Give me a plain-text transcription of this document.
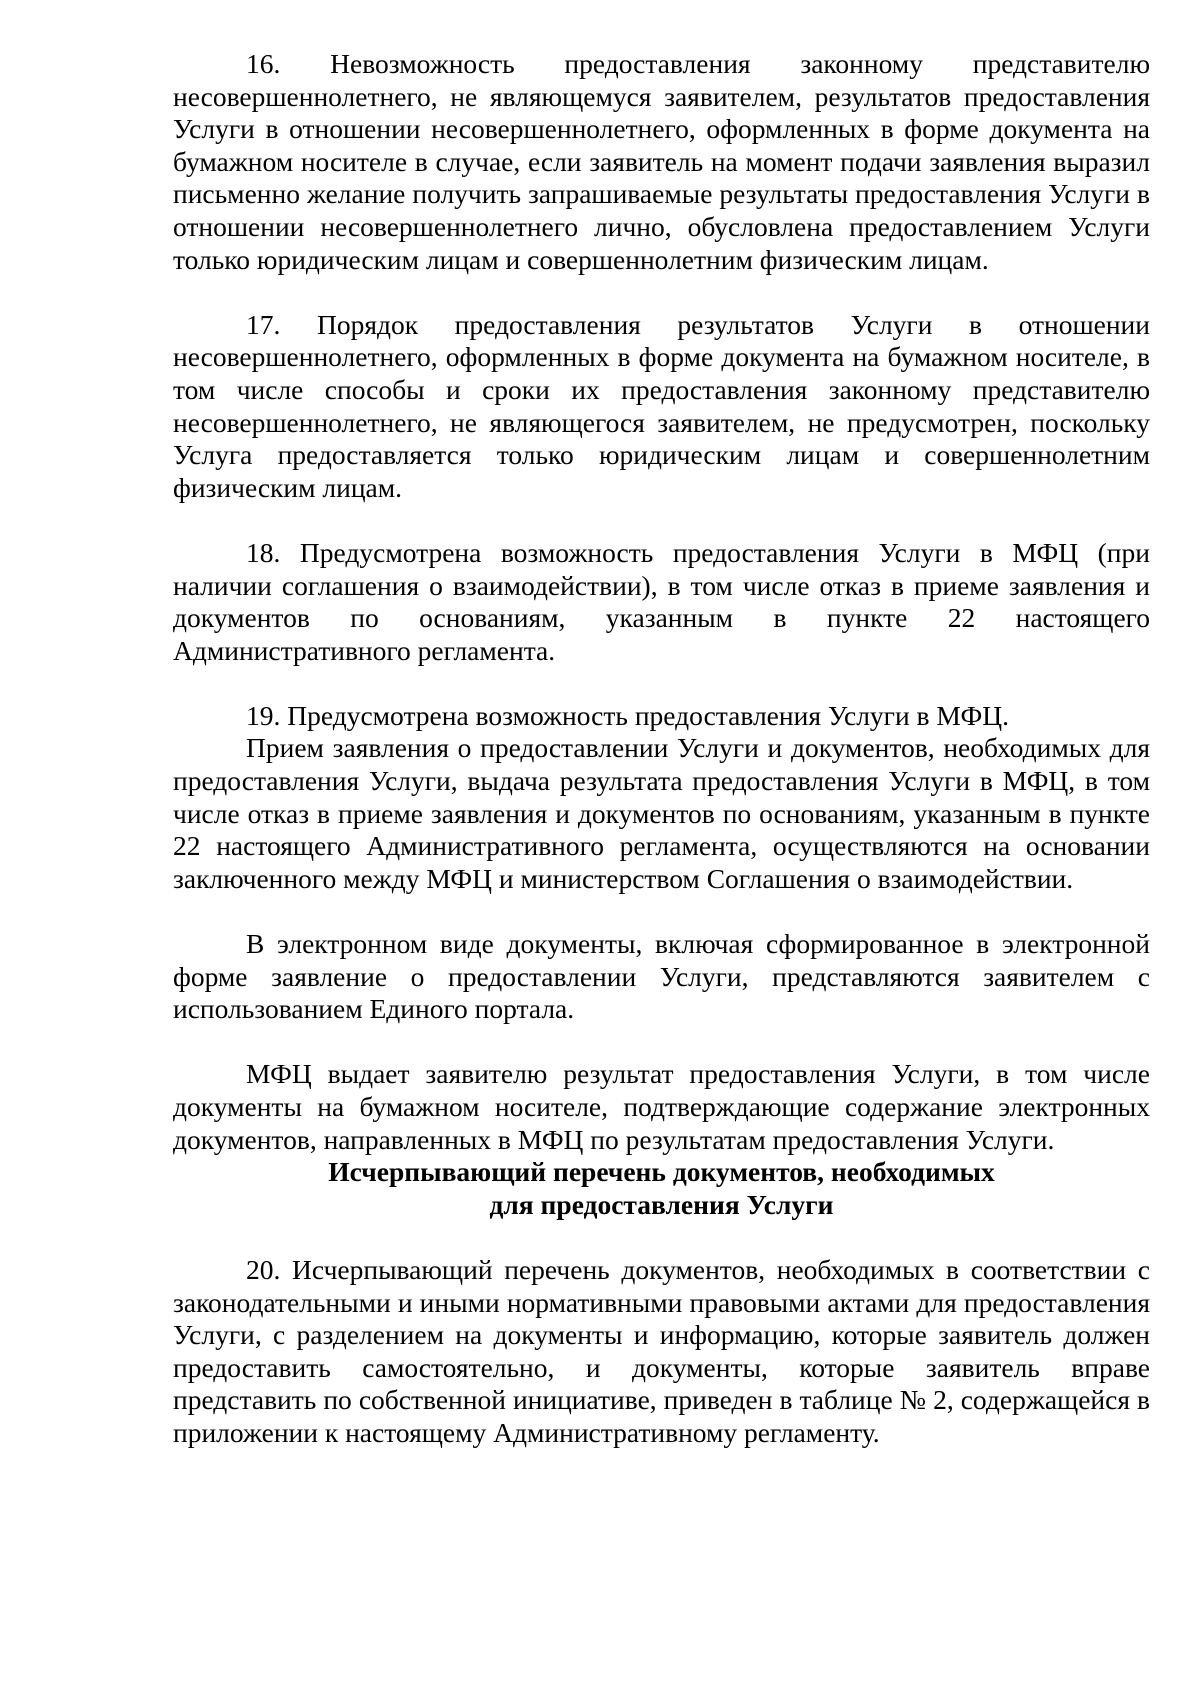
16. Невозможность предоставления законному представителю несовершеннолетнего, не являющемуся заявителем, результатов предоставления Услуги в отношении несовершеннолетнего, оформленных в форме документа на бумажном носителе в случае, если заявитель на момент подачи заявления выразил письменно желание получить запрашиваемые результаты предоставления Услуги в отношении несовершеннолетнего лично, обусловлена предоставлением Услуги только юридическим лицам и совершеннолетним физическим лицам.

17. Порядок предоставления результатов Услуги в отношении несовершеннолетнего, оформленных в форме документа на бумажном носителе, в том числе способы и сроки их предоставления законному представителю несовершеннолетнего, не являющегося заявителем, не предусмотрен, поскольку Услуга предоставляется только юридическим лицам и совершеннолетним физическим лицам.

18. Предусмотрена возможность предоставления Услуги в МФЦ (при наличии соглашения о взаимодействии), в том числе отказ в приеме заявления и документов по основаниям, указанным в пункте 22 настоящего Административного регламента.

19. Предусмотрена возможность предоставления Услуги в МФЦ.

Прием заявления о предоставлении Услуги и документов, необходимых для предоставления Услуги, выдача результата предоставления Услуги в МФЦ, в том числе отказ в приеме заявления и документов по основаниям, указанным в пункте 22 настоящего Административного регламента, осуществляются на основании заключенного между МФЦ и министерством Соглашения о взаимодействии.

В электронном виде документы, включая сформированное в электронной форме заявление о предоставлении Услуги, представляются заявителем с использованием Единого портала.

МФЦ выдает заявителю результат предоставления Услуги, в том числе документы на бумажном носителе, подтверждающие содержание электронных документов, направленных в МФЦ по результатам предоставления Услуги.

Исчерпывающий перечень документов, необходимых
для предоставления Услуги

20. Исчерпывающий перечень документов, необходимых в соответствии с законодательными и иными нормативными правовыми актами для предоставления Услуги, с разделением на документы и информацию, которые заявитель должен предоставить самостоятельно, и документы, которые заявитель вправе представить по собственной инициативе, приведен в таблице № 2, содержащейся в приложении к настоящему Административному регламенту.
